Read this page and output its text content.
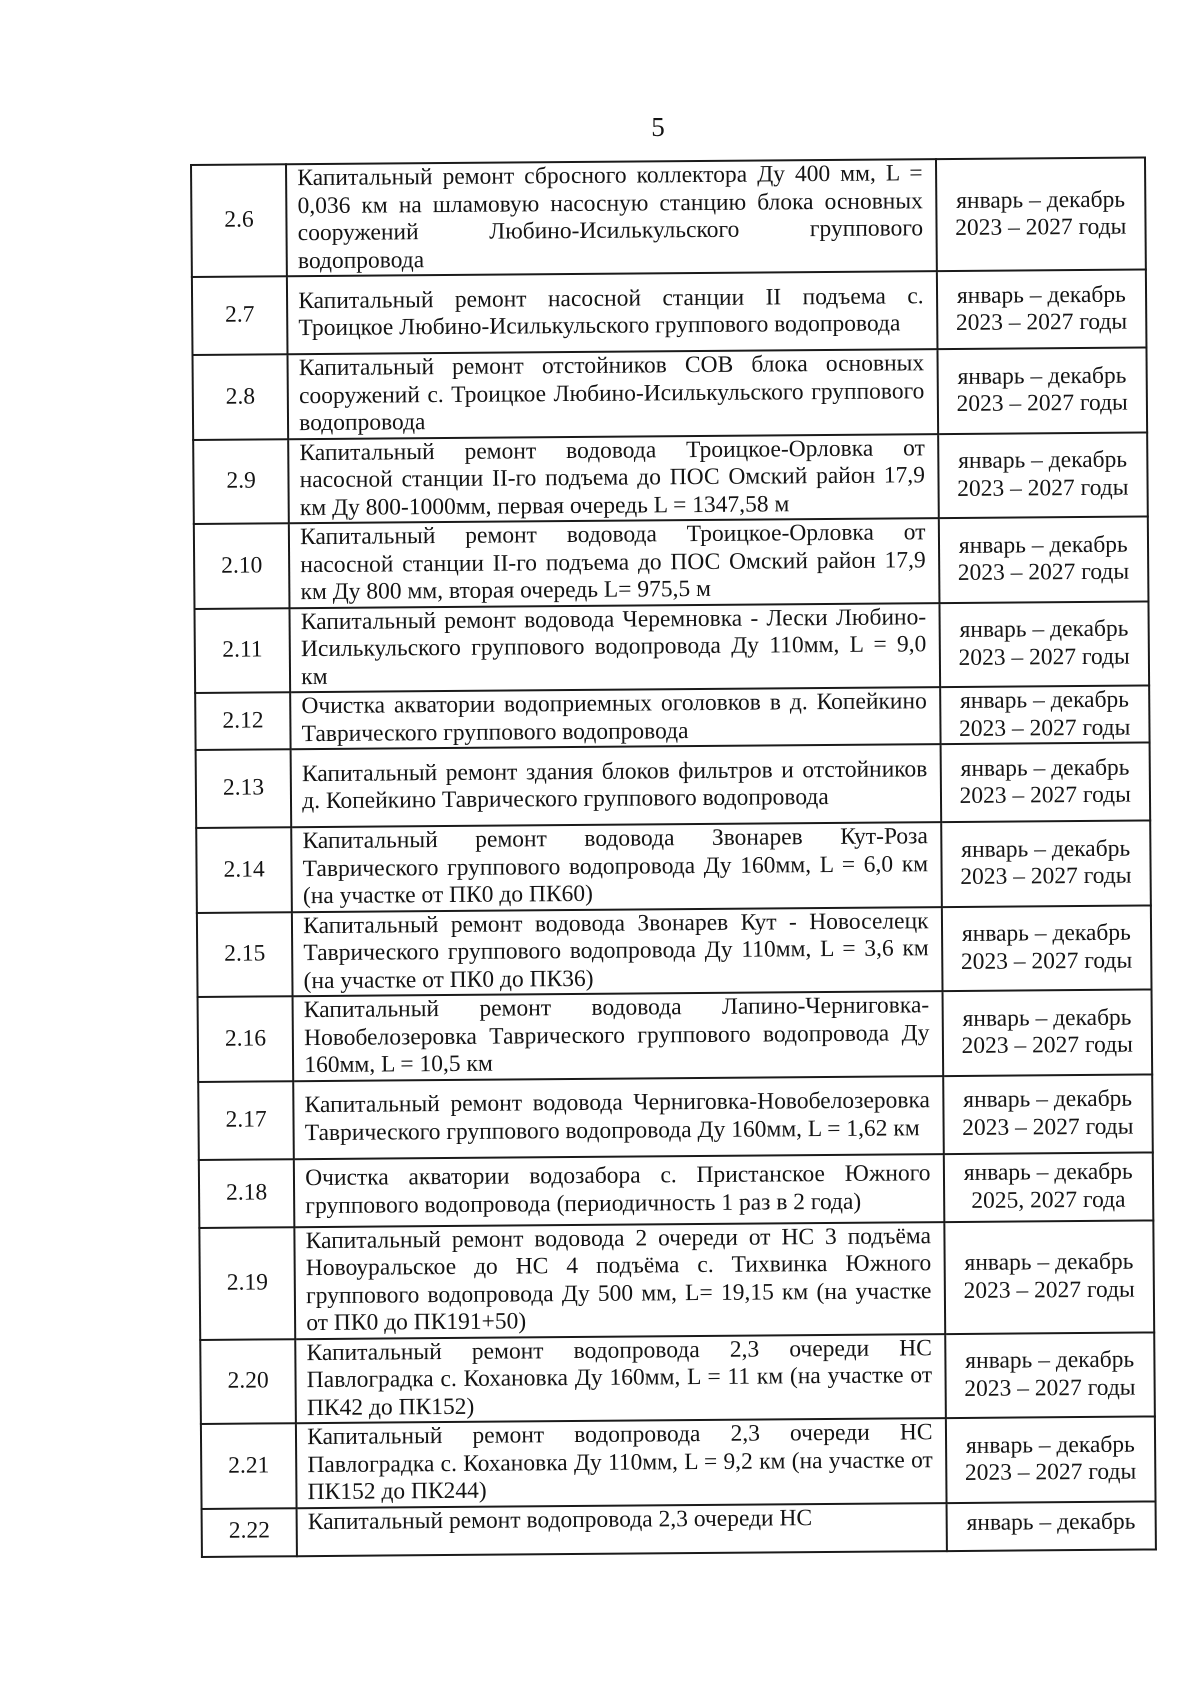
5
2.6	Капитальный ремонт сбросного коллектора Ду 400 мм, L = 0,036 км на шламовую насосную станцию блока основных сооружений Любино-Исилькульского группового водопровода	январь – декабрь
2023 – 2027 годы

2.7	Капитальный ремонт насосной станции II подъема с. Троицкое Любино-Исилькульского группового водопровода	январь – декабрь
2023 – 2027 годы

2.8	Капитальный ремонт отстойников СОВ блока основных сооружений с. Троицкое Любино-Исилькульского группового водопровода	январь – декабрь
2023 – 2027 годы

2.9	Капитальный ремонт водовода Троицкое-Орловка от насосной станции II-го подъема до ПОС Омский район 17,9 км Ду 800-1000мм, первая очередь L = 1347,58 м	январь – декабрь
2023 – 2027 годы

2.10	Капитальный ремонт водовода Троицкое-Орловка от насосной станции II-го подъема до ПОС Омский район 17,9 км Ду 800 мм, вторая очередь L= 975,5 м	январь – декабрь
2023 – 2027 годы

2.11	Капитальный ремонт водовода Черемновка - Лески Любино-Исилькульского группового водопровода Ду 110мм, L = 9,0 км	январь – декабрь
2023 – 2027 годы

2.12	Очистка акватории водоприемных оголовков в д. Копейкино Таврического группового водопровода	январь – декабрь
2023 – 2027 годы

2.13	Капитальный ремонт здания блоков фильтров и отстойников д. Копейкино Таврического группового водопровода	январь – декабрь
2023 – 2027 годы

2.14	Капитальный ремонт водовода Звонарев Кут-Роза Таврического группового водопровода Ду 160мм, L = 6,0 км (на участке от ПК0 до ПК60)	январь – декабрь
2023 – 2027 годы

2.15	Капитальный ремонт водовода Звонарев Кут - Новоселецк Таврического группового водопровода Ду 110мм, L = 3,6 км (на участке от ПК0 до ПК36)	январь – декабрь
2023 – 2027 годы

2.16	Капитальный ремонт водовода Лапино-Черниговка-Новобелозеровка Таврического группового водопровода Ду 160мм, L = 10,5 км	январь – декабрь
2023 – 2027 годы

2.17	Капитальный ремонт водовода Черниговка-Новобелозеровка Таврического группового водопровода Ду 160мм, L = 1,62 км	январь – декабрь
2023 – 2027 годы

2.18	Очистка акватории водозабора с. Пристанское Южного группового водопровода (периодичность 1 раз в 2 года)	январь – декабрь
2025, 2027 года

2.19	Капитальный ремонт водовода 2 очереди от НС 3 подъёма Новоуральское до НС 4 подъёма с. Тихвинка Южного группового водопровода Ду 500 мм, L= 19,15 км (на участке от ПК0 до ПК191+50)	январь – декабрь
2023 – 2027 годы

2.20	Капитальный ремонт водопровода 2,3 очереди НС Павлоградка с. Кохановка Ду 160мм, L = 11 км (на участке от ПК42 до ПК152)	январь – декабрь
2023 – 2027 годы

2.21	Капитальный ремонт водопровода 2,3 очереди НС Павлоградка с. Кохановка Ду 110мм, L = 9,2 км (на участке от ПК152 до ПК244)	январь – декабрь
2023 – 2027 годы

2.22	Капитальный ремонт водопровода 2,3 очереди НС	январь – декабрь
